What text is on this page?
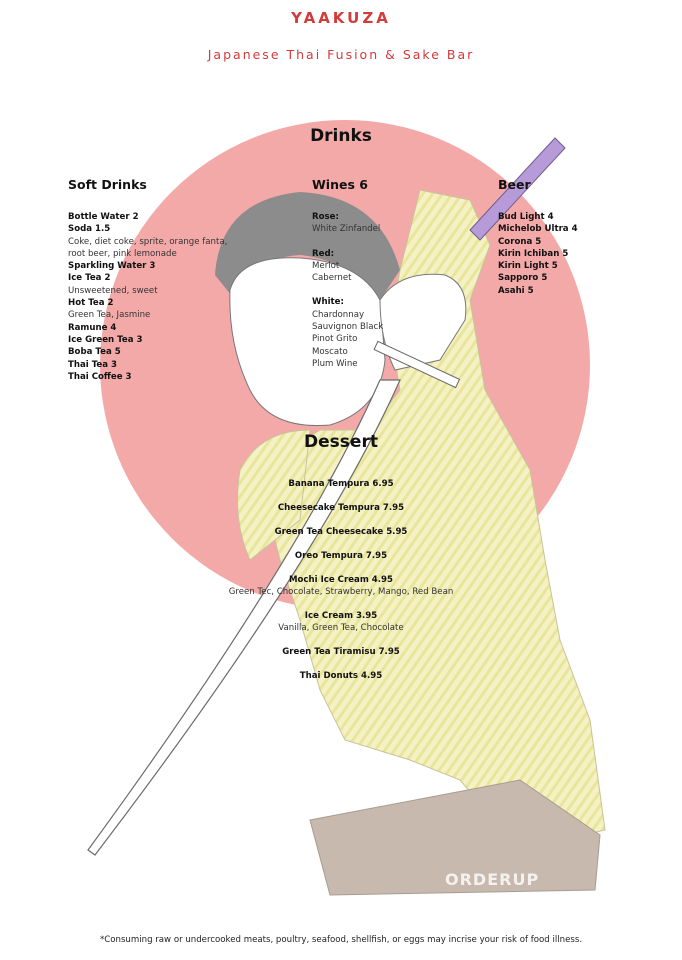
YAAKUZA
Japanese Thai Fusion & Sake Bar
Drinks
Soft Drinks
Bottle Water 2
Soda 1.5
Coke, diet coke, sprite, orange fanta, root beer, pink lemonade
Sparkling Water 3
Ice Tea 2
Unsweetened, sweet
Hot Tea 2
Green Tea, Jasmine
Ramune 4
Ice Green Tea 3
Boba Tea 5
Thai Tea 3
Thai Coffee 3
Wines 6
Rose:
White Zinfandel
Red:
Merlot
Cabernet
White:
Chardonnay
Sauvignon Black
Pinot Grito
Moscato
Plum Wine
Beer
Bud Light 4
Michelob Ultra 4
Corona 5
Kirin Ichiban 5
Kirin Light 5
Sapporo 5
Asahi 5
Dessert
Banana Tempura 6.95
Cheesecake Tempura 7.95
Green Tea Cheesecake 5.95
Oreo Tempura 7.95
Mochi Ice Cream 4.95
Green Tec, Chocolate, Strawberry, Mango, Red Bean
Ice Cream 3.95
Vanilla, Green Tea, Chocolate
Green Tea Tiramisu 7.95
Thai Donuts 4.95
ORDERUP
*Consuming raw or undercooked meats, poultry, seafood, shellfish, or eggs may incrise your risk of food illness.
